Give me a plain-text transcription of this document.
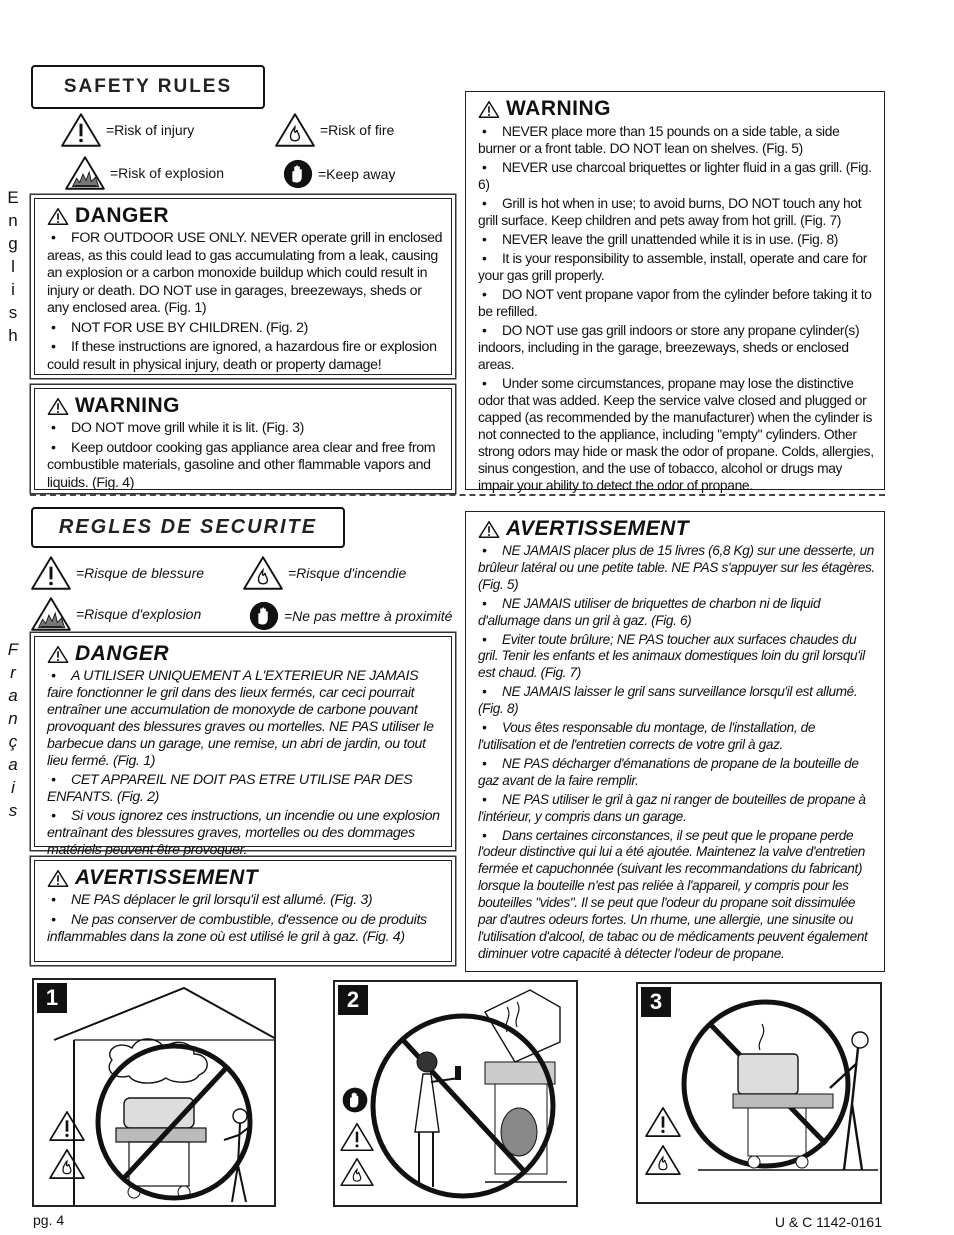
SAFETY RULES
E
n
g
l
i
s
h
=Risk of injury	=Risk of fire
=Risk of explosion	=Keep away
DANGER
• FOR OUTDOOR USE ONLY. NEVER operate grill in enclosed areas, as this could lead to gas accumulating from a leak, causing an explosion or a carbon monoxide buildup which could result in injury or death. DO NOT use in garages, breezeways, sheds or any enclosed area. (Fig. 1)
• NOT FOR USE BY CHILDREN. (Fig. 2)
• If these instructions are ignored, a hazardous fire or explosion could result in physical injury, death or property damage!
WARNING
• DO NOT move grill while it is lit. (Fig. 3)
• Keep outdoor cooking gas appliance area clear and free from combustible materials, gasoline and other flammable vapors and liquids. (Fig. 4)
WARNING
• NEVER place more than 15 pounds on a side table, a side burner or a front table. DO NOT lean on shelves. (Fig. 5)
• NEVER use charcoal briquettes or lighter fluid in a gas grill. (Fig. 6)
• Grill is hot when in use; to avoid burns, DO NOT touch any hot grill surface. Keep children and pets away from hot grill. (Fig. 7)
• NEVER leave the grill unattended while it is in use. (Fig. 8)
• It is your responsibility to assemble, install, operate and care for your gas grill properly.
• DO NOT vent propane vapor from the cylinder before taking it to be refilled.
• DO NOT use gas grill indoors or store any propane cylinder(s) indoors, including in the garage, breezeways, sheds or enclosed areas.
• Under some circumstances, propane may lose the distinctive odor that was added. Keep the service valve closed and plugged or capped (as recommended by the manufacturer) when the cylinder is not connected to the appliance, including "empty" cylinders. Other strong odors may hide or mask the odor of propane. Colds, allergies, sinus congestion, and the use of tobacco, alcohol or drugs may impair your ability to detect the odor of propane.
REGLES DE SECURITE
F
r
a
n
ç
a
i
s
=Risque de blessure	=Risque d'incendie
=Risque d'explosion	=Ne pas mettre à proximité
DANGER
• A UTILISER UNIQUEMENT A L'EXTERIEUR NE JAMAIS faire fonctionner le gril dans des lieux fermés, car ceci pourrait entraîner une accumulation de monoxyde de carbone pouvant provoquant des blessures graves ou mortelles. NE PAS utiliser le barbecue dans un garage, une remise, un abri de jardin, ou tout lieu fermé. (Fig. 1)
• CET APPAREIL NE DOIT PAS ETRE UTILISE PAR DES ENFANTS. (Fig. 2)
• Si vous ignorez ces instructions, un incendie ou une explosion entraînant des blessures graves, mortelles ou des dommages matériels peuvent être provoquer.
AVERTISSEMENT
• NE PAS déplacer le gril lorsqu'il est allumé. (Fig. 3)
• Ne pas conserver de combustible, d'essence ou de produits inflammables dans la zone où est utilisé le gril à gaz. (Fig. 4)
AVERTISSEMENT
• NE JAMAIS placer plus de 15 livres (6,8 Kg) sur une desserte, un brûleur latéral ou une petite table. NE PAS s'appuyer sur les étagères. (Fig. 5)
• NE JAMAIS utiliser de briquettes de charbon ni de liquid d'allumage dans un gril à gaz. (Fig. 6)
• Eviter toute brûlure; NE PAS toucher aux surfaces chaudes du gril. Tenir les enfants et les animaux domestiques loin du gril lorsqu'il est chaud. (Fig. 7)
• NE JAMAIS laisser le gril sans surveillance lorsqu'il est allumé. (Fig. 8)
• Vous êtes responsable du montage, de l'installation, de l'utilisation et de l'entretien corrects de votre gril à gaz.
• NE PAS décharger d'émanations de propane de la bouteille de gaz avant de la faire remplir.
• NE PAS utiliser le gril à gaz ni ranger de bouteilles de propane à l'intérieur, y compris dans un garage.
• Dans certaines circonstances, il se peut que le propane perde l'odeur distinctive qui lui a été ajoutée. Maintenez la valve d'entretien fermée et capuchonnée (suivant les recommandations du fabricant) lorsque la bouteille n'est pas reliée à l'appareil, y compris pour les bouteilles "vides". Il se peut que l'odeur du propane soit dissimulée par d'autres odeurs fortes. Un rhume, une allergie, une sinusite ou l'utilisation d'alcool, de tabac ou de médicaments peuvent également diminuer votre capacité à détecter l'odeur de propane.
1	2	3
pg. 4	U & C 1142-0161
